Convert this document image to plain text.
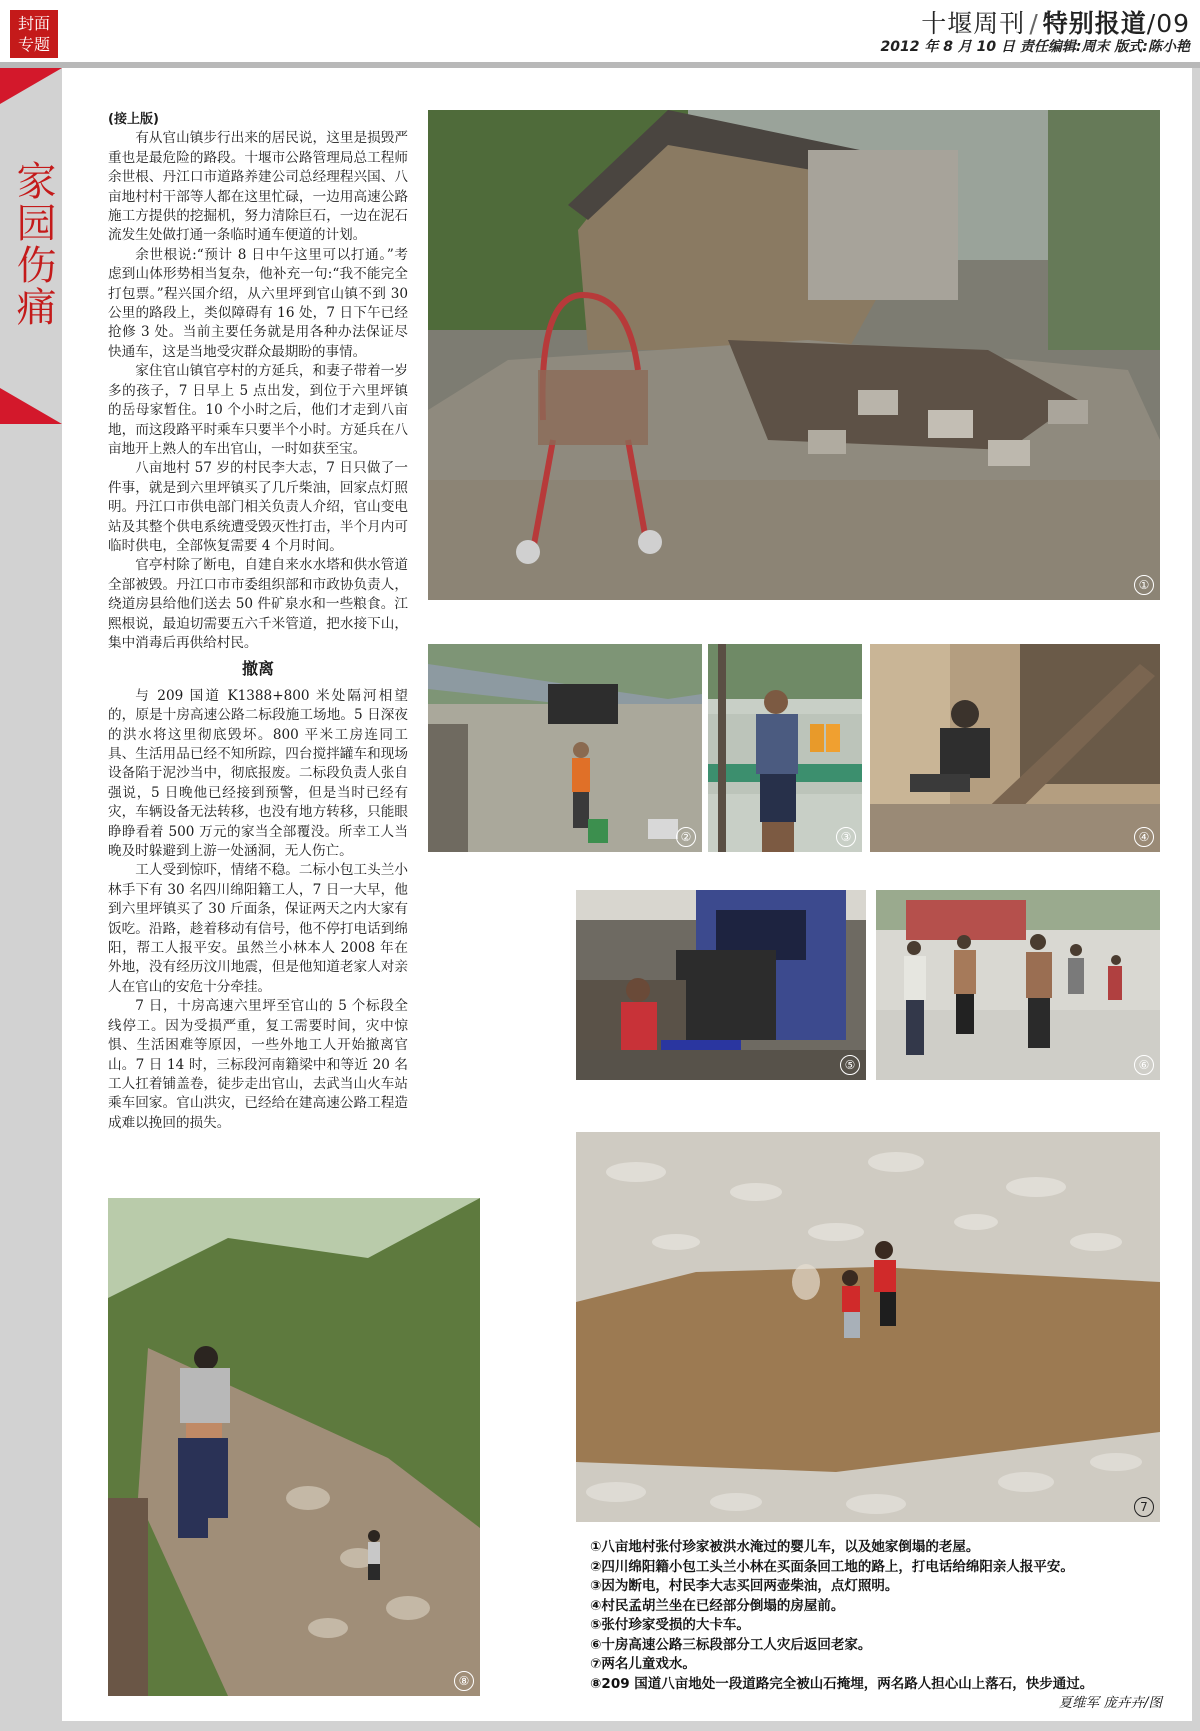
封面
专题
十堰周刊 / 特别报道/09
2012 年 8 月 10 日 责任编辑:周末 版式:陈小艳
家园伤痛

(接上版)

有从官山镇步行出来的居民说，这里是损毁严重也是最危险的路段。十堰市公路管理局总工程师余世根、丹江口市道路养建公司总经理程兴国、八亩地村村干部等人都在这里忙碌，一边用高速公路施工方提供的挖掘机，努力清除巨石，一边在泥石流发生处做打通一条临时通车便道的计划。

余世根说:“预计 8 日中午这里可以打通。”考虑到山体形势相当复杂，他补充一句:“我不能完全打包票。”程兴国介绍，从六里坪到官山镇不到 30 公里的路段上，类似障碍有 16 处，7 日下午已经抢修 3 处。当前主要任务就是用各种办法保证尽快通车，这是当地受灾群众最期盼的事情。

家住官山镇官亭村的方延兵，和妻子带着一岁多的孩子，7 日早上 5 点出发，到位于六里坪镇的岳母家暂住。10 个小时之后，他们才走到八亩地，而这段路平时乘车只要半个小时。方延兵在八亩地开上熟人的车出官山，一时如获至宝。

八亩地村 57 岁的村民李大志，7 日只做了一件事，就是到六里坪镇买了几斤柴油，回家点灯照明。丹江口市供电部门相关负责人介绍，官山变电站及其整个供电系统遭受毁灭性打击，半个月内可临时供电，全部恢复需要 4 个月时间。

官亭村除了断电，自建自来水水塔和供水管道全部被毁。丹江口市市委组织部和市政协负责人，绕道房县给他们送去 50 件矿泉水和一些粮食。江熙根说，最迫切需要五六千米管道，把水接下山，集中消毒后再供给村民。

撤离

与 209 国道 K1388+800 米处隔河相望的，原是十房高速公路二标段施工场地。5 日深夜的洪水将这里彻底毁坏。800 平米工房连同工具、生活用品已经不知所踪，四台搅拌罐车和现场设备陷于泥沙当中，彻底报废。二标段负责人张自强说，5 日晚他已经接到预警，但是当时已经有灾，车辆设备无法转移，也没有地方转移，只能眼睁睁看着 500 万元的家当全部覆没。所幸工人当晚及时躲避到上游一处涵洞，无人伤亡。

工人受到惊吓，情绪不稳。二标小包工头兰小林手下有 30 名四川绵阳籍工人，7 日一大早，他到六里坪镇买了 30 斤面条，保证两天之内大家有饭吃。沿路，趁着移动有信号，他不停打电话到绵阳，帮工人报平安。虽然兰小林本人 2008 年在外地，没有经历汶川地震，但是他知道老家人对亲人在官山的安危十分牵挂。

7 日，十房高速六里坪至官山的 5 个标段全线停工。因为受损严重，复工需要时间，灾中惊惧、生活困难等原因，一些外地工人开始撤离官山。7 日 14 时，三标段河南籍梁中和等近 20 名工人扛着铺盖卷，徒步走出官山，去武当山火车站乘车回家。官山洪灾，已经给在建高速公路工程造成难以挽回的损失。

①
②	③	④
⑤	⑥
7
⑧
①八亩地村张付珍家被洪水淹过的婴儿车，以及她家倒塌的老屋。
②四川绵阳籍小包工头兰小林在买面条回工地的路上，打电话给绵阳亲人报平安。
③因为断电，村民李大志买回两壶柴油，点灯照明。
④村民孟胡兰坐在已经部分倒塌的房屋前。
⑤张付珍家受损的大卡车。
⑥十房高速公路三标段部分工人灾后返回老家。
⑦两名儿童戏水。
⑧209 国道八亩地处一段道路完全被山石掩埋，两名路人担心山上落石，快步通过。
夏维军 庞卉卉/图
